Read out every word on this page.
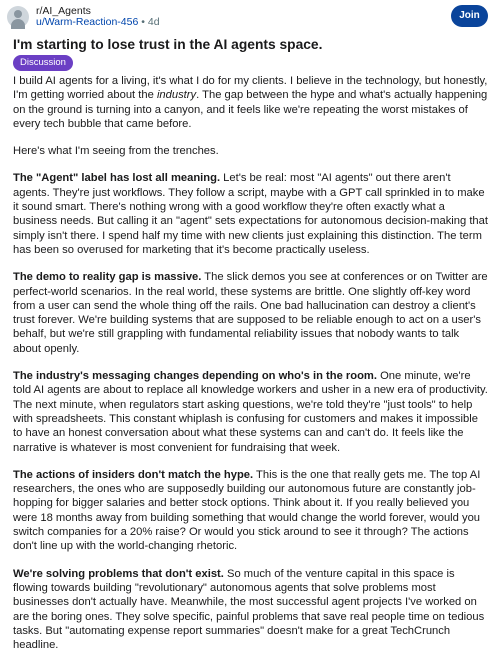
r/AI_Agents
u/Warm-Reaction-456 • 4d
Join
I'm starting to lose trust in the AI agents space.
Discussion

I build AI agents for a living, it's what I do for my clients. I believe in the technology, but honestly, I'm getting worried about the industry. The gap between the hype and what's actually happening on the ground is turning into a canyon, and it feels like we're repeating the worst mistakes of every tech bubble that came before.

Here's what I'm seeing from the trenches.

The "Agent" label has lost all meaning. Let's be real: most "AI agents" out there aren't agents. They're just workflows. They follow a script, maybe with a GPT call sprinkled in to make it sound smart. There's nothing wrong with a good workflow they're often exactly what a business needs. But calling it an "agent" sets expectations for autonomous decision-making that simply isn't there. I spend half my time with new clients just explaining this distinction. The term has been so overused for marketing that it's become practically useless.

The demo to reality gap is massive. The slick demos you see at conferences or on Twitter are perfect-world scenarios. In the real world, these systems are brittle. One slightly off-key word from a user can send the whole thing off the rails. One bad hallucination can destroy a client's trust forever. We're building systems that are supposed to be reliable enough to act on a user's behalf, but we're still grappling with fundamental reliability issues that nobody wants to talk about openly.

The industry's messaging changes depending on who's in the room. One minute, we're told AI agents are about to replace all knowledge workers and usher in a new era of productivity. The next minute, when regulators start asking questions, we're told they're "just tools" to help with spreadsheets. This constant whiplash is confusing for customers and makes it impossible to have an honest conversation about what these systems can and can't do. It feels like the narrative is whatever is most convenient for fundraising that week.

The actions of insiders don't match the hype. This is the one that really gets me. The top AI researchers, the ones who are supposedly building our autonomous future are constantly job-hopping for bigger salaries and better stock options. Think about it. If you really believed you were 18 months away from building something that would change the world forever, would you switch companies for a 20% raise? Or would you stick around to see it through? The actions don't line up with the world-changing rhetoric.

We're solving problems that don't exist. So much of the venture capital in this space is flowing towards building "revolutionary" autonomous agents that solve problems most businesses don't actually have. Meanwhile, the most successful agent projects I've worked on are the boring ones. They solve specific, painful problems that save real people time on tedious tasks. But "automating expense report summaries" doesn't make for a great TechCrunch headline.
